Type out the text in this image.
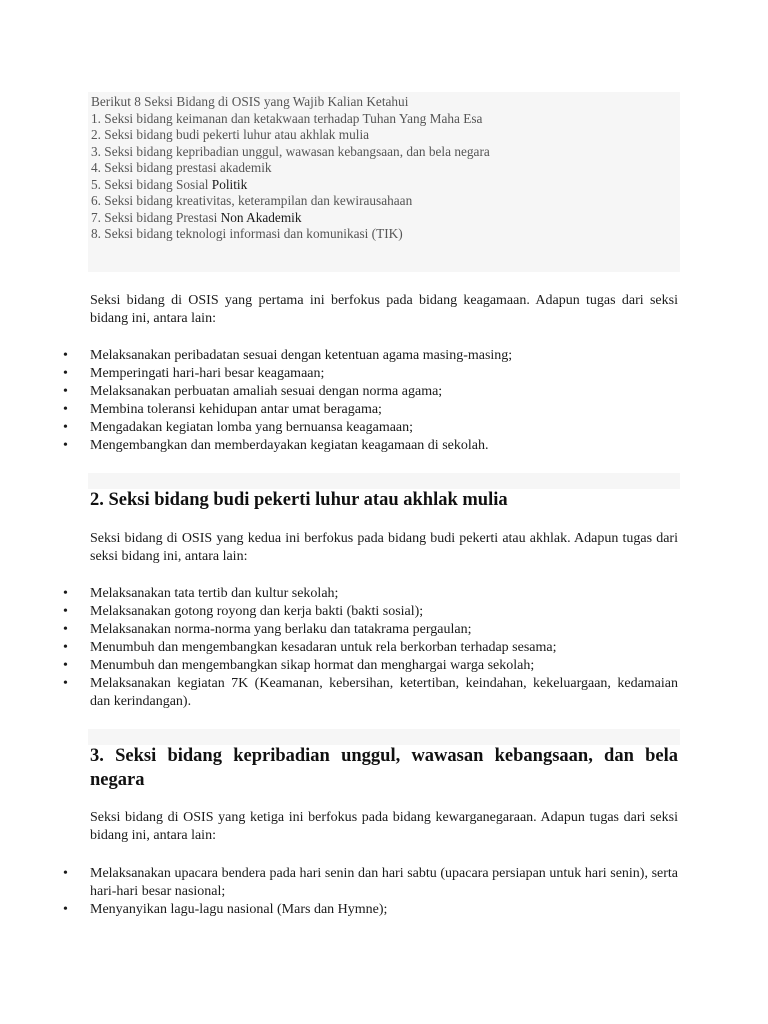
Berikut 8 Seksi Bidang di OSIS yang Wajib Kalian Ketahui
1. Seksi bidang keimanan dan ketakwaan terhadap Tuhan Yang Maha Esa
2. Seksi bidang budi pekerti luhur atau akhlak mulia
3. Seksi bidang kepribadian unggul, wawasan kebangsaan, dan bela negara
4. Seksi bidang prestasi akademik
5. Seksi bidang Sosial Politik
6. Seksi bidang kreativitas, keterampilan dan kewirausahaan
7. Seksi bidang Prestasi Non Akademik
8. Seksi bidang teknologi informasi dan komunikasi (TIK)
Seksi bidang di OSIS yang pertama ini berfokus pada bidang keagamaan. Adapun tugas dari seksi bidang ini, antara lain:
• Melaksanakan peribadatan sesuai dengan ketentuan agama masing-masing;
• Memperingati hari-hari besar keagamaan;
• Melaksanakan perbuatan amaliah sesuai dengan norma agama;
• Membina toleransi kehidupan antar umat beragama;
• Mengadakan kegiatan lomba yang bernuansa keagamaan;
• Mengembangkan dan memberdayakan kegiatan keagamaan di sekolah.
2. Seksi bidang budi pekerti luhur atau akhlak mulia
Seksi bidang di OSIS yang kedua ini berfokus pada bidang budi pekerti atau akhlak. Adapun tugas dari seksi bidang ini, antara lain:
• Melaksanakan tata tertib dan kultur sekolah;
• Melaksanakan gotong royong dan kerja bakti (bakti sosial);
• Melaksanakan norma-norma yang berlaku dan tatakrama pergaulan;
• Menumbuh dan mengembangkan kesadaran untuk rela berkorban terhadap sesama;
• Menumbuh dan mengembangkan sikap hormat dan menghargai warga sekolah;
• Melaksanakan kegiatan 7K (Keamanan, kebersihan, ketertiban, keindahan, kekeluargaan, kedamaian dan kerindangan).
3. Seksi bidang kepribadian unggul, wawasan kebangsaan, dan bela negara
Seksi bidang di OSIS yang ketiga ini berfokus pada bidang kewarganegaraan. Adapun tugas dari seksi bidang ini, antara lain:
• Melaksanakan upacara bendera pada hari senin dan hari sabtu (upacara persiapan untuk hari senin), serta hari-hari besar nasional;
• Menyanyikan lagu-lagu nasional (Mars dan Hymne);
